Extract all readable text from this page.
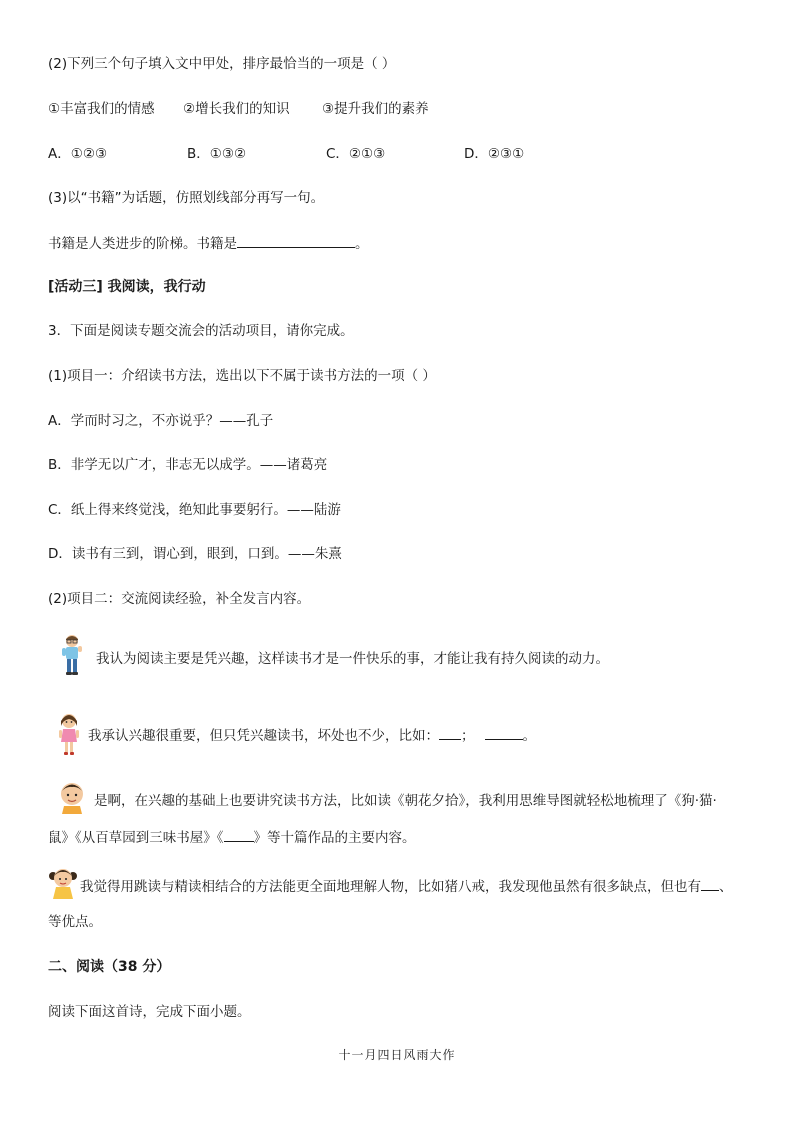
(2)下列三个句子填入文中甲处，排序最恰当的一项是（ ）
①丰富我们的情感 ②增长我们的知识 ③提升我们的素养
A．①②③	B．①③②	C．②①③	D．②③①
(3)以“书籍”为话题，仿照划线部分再写一句。
书籍是人类进步的阶梯。书籍是	。
[活动三] 我阅读，我行动
3．下面是阅读专题交流会的活动项目，请你完成。
(1)项目一：介绍读书方法，选出以下不属于读书方法的一项（ ）
A．学而时习之，不亦说乎？——孔子
B．非学无以广才，非志无以成学。——诸葛亮
C．纸上得来终觉浅，绝知此事要躬行。——陆游
D．读书有三到，谓心到，眼到，口到。——朱熹
(2)项目二：交流阅读经验，补全发言内容。
我认为阅读主要是凭兴趣，这样读书才是一件快乐的事，才能让我有持久阅读的动力。
我承认兴趣很重要，但只凭兴趣读书，坏处也不少，比如： ；	。
是啊，在兴趣的基础上也要讲究读书方法，比如读《朝花夕拾》，我利用思维导图就轻松地梳理了《狗·猫·
鼠》《从百草园到三味书屋》《 》等十篇作品的主要内容。
我觉得用跳读与精读相结合的方法能更全面地理解人物，比如猪八戒，我发现他虽然有很多缺点，但也有 、
等优点。
二、阅读（38 分）
阅读下面这首诗，完成下面小题。
十一月四日风雨大作
